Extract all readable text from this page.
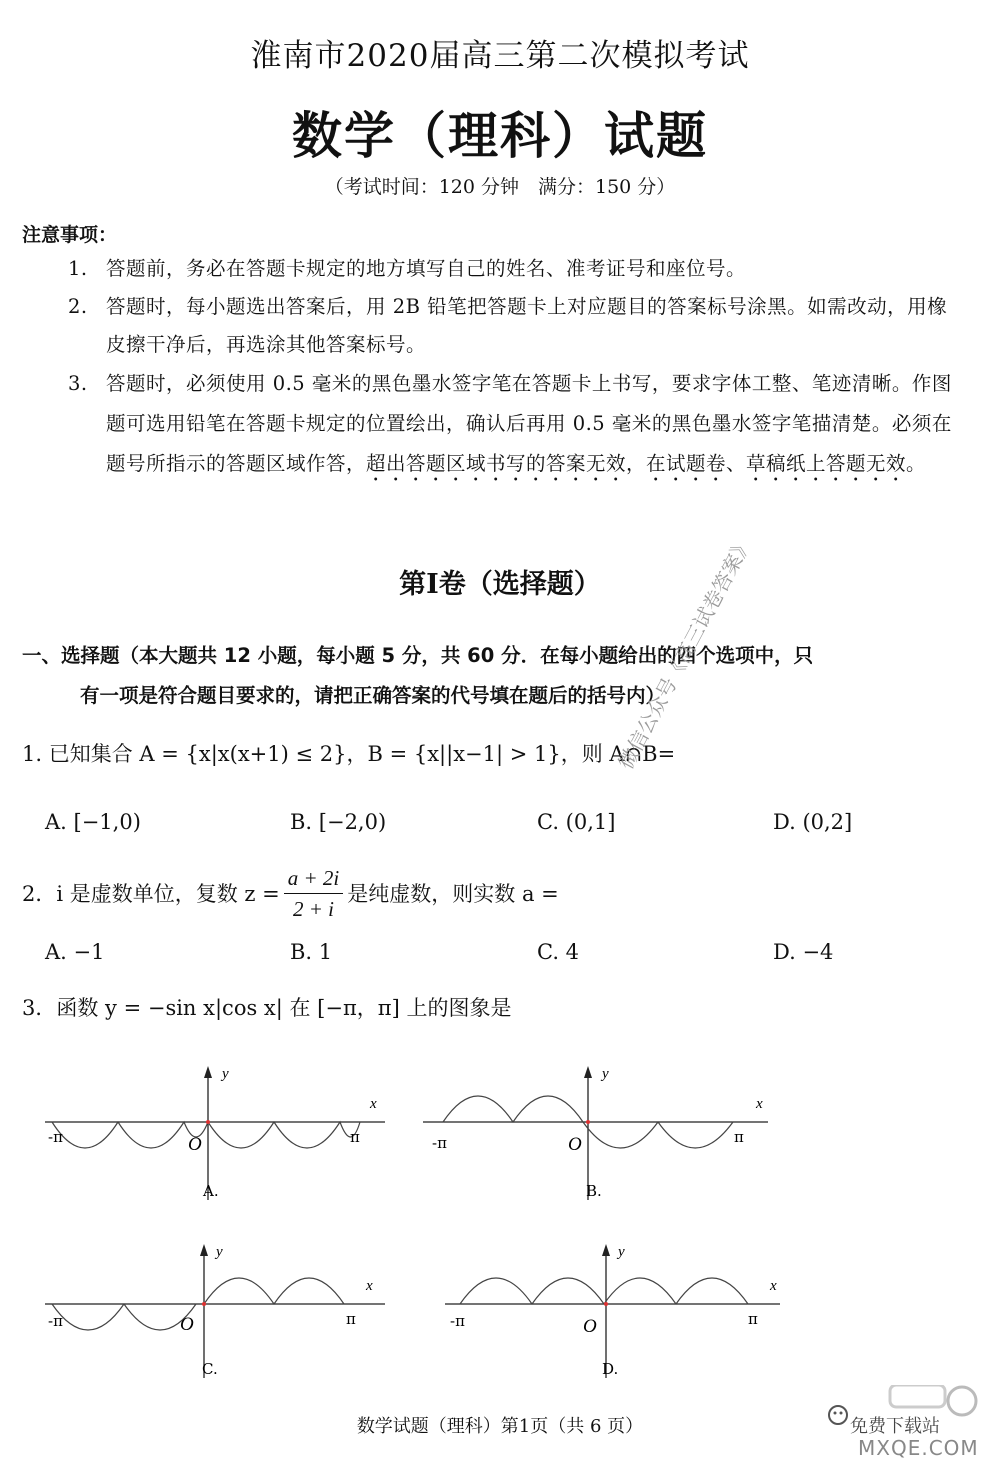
淮南市2020届高三第二次模拟考试
数学（理科）试题
（考试时间：120 分钟　满分：150 分）
注意事项：
1. 答题前，务必在答题卡规定的地方填写自己的姓名、准考证号和座位号。
2. 答题时，每小题选出答案后，用 2B 铅笔把答题卡上对应题目的答案标号涂黑。如需改动，用橡皮擦干净后，再选涂其他答案标号。
3. 答题时，必须使用 0.5 毫米的黑色墨水签字笔在答题卡上书写，要求字体工整、笔迹清晰。作图题可选用铅笔在答题卡规定的位置绘出，确认后再用 0.5 毫米的黑色墨水签字笔描清楚。必须在题号所指示的答题区域作答，超出答题区域书写的答案无效，在试题卷、草稿纸上答题无效。
第Ⅰ卷（选择题）
一、选择题（本大题共 12 小题，每小题 5 分，共 60 分．在每小题给出的四个选项中，只
有一项是符合题目要求的，请把正确答案的代号填在题后的括号内）
1. 已知集合 A = {x|x(x+1) ≤ 2}，B = {x||x−1| > 1}，则 A∩B=
A. [−1,0)	B. [−2,0)	C. (0,1]	D. (0,2]
2．i 是虚数单位，复数 $z = \frac{a + 2i}{2 + i}$ 是纯虚数，则实数 a =
A. −1	B. 1	C. 4	D. −4
3．函数 y = −sin x|cos x| 在 [−π，π] 上的图象是
y
x
-π	π
O
A.
y
x
-π	π
O
B.
y
x
-π	π
O
C.
y
x
-π	π
O
D.
微信公众号《高三试卷答案》
数学试题（理科）第1页（共 6 页）	免费下载站
MXQE.COM
